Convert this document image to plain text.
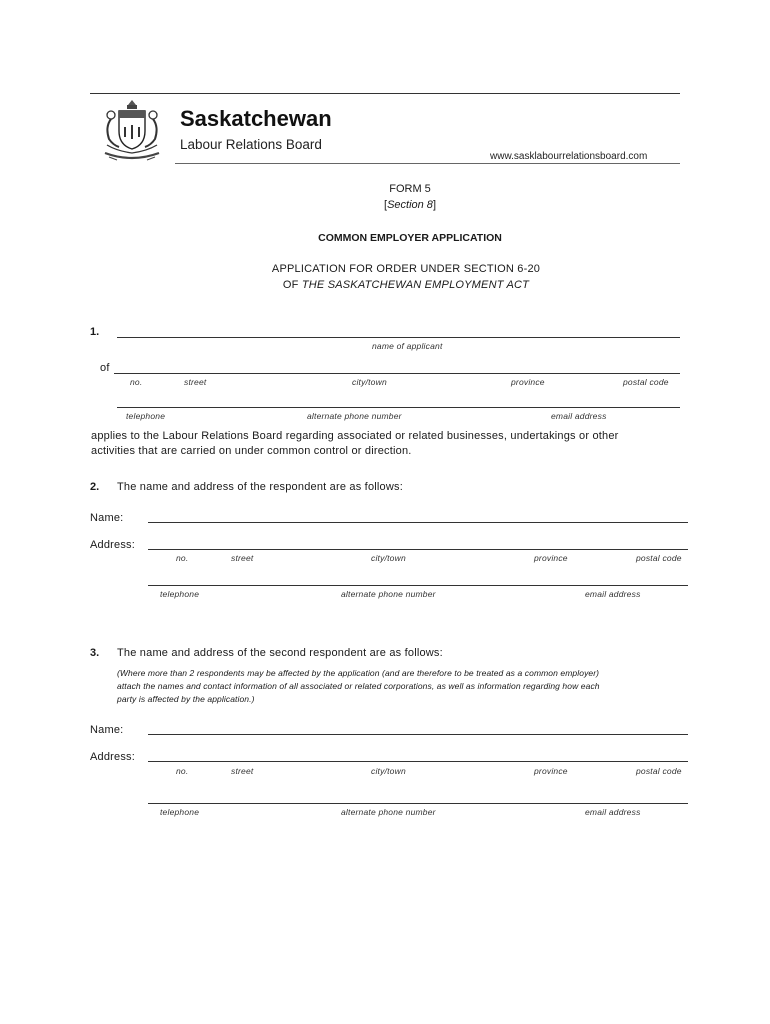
Saskatchewan
Labour Relations Board
www.sasklabourrelationsboard.com
FORM 5
[Section 8]
COMMON EMPLOYER APPLICATION
APPLICATION FOR ORDER UNDER SECTION 6-20
OF THE SASKATCHEWAN EMPLOYMENT ACT
1.
name of applicant
of
no.	street	city/town	province	postal code
telephone	alternate phone number	email address
applies to the Labour Relations Board regarding associated or related businesses, undertakings or other
activities that are carried on under common control or direction.
2. The name and address of the respondent are as follows:
Name:
Address:
no.	street	city/town	province	postal code
telephone	alternate phone number	email address
3. The name and address of the second respondent are as follows:
(Where more than 2 respondents may be affected by the application (and are therefore to be treated as a common employer)
attach the names and contact information of all associated or related corporations, as well as information regarding how each
party is affected by the application.)
Name:
Address:
no.	street	city/town	province	postal code
telephone	alternate phone number	email address
